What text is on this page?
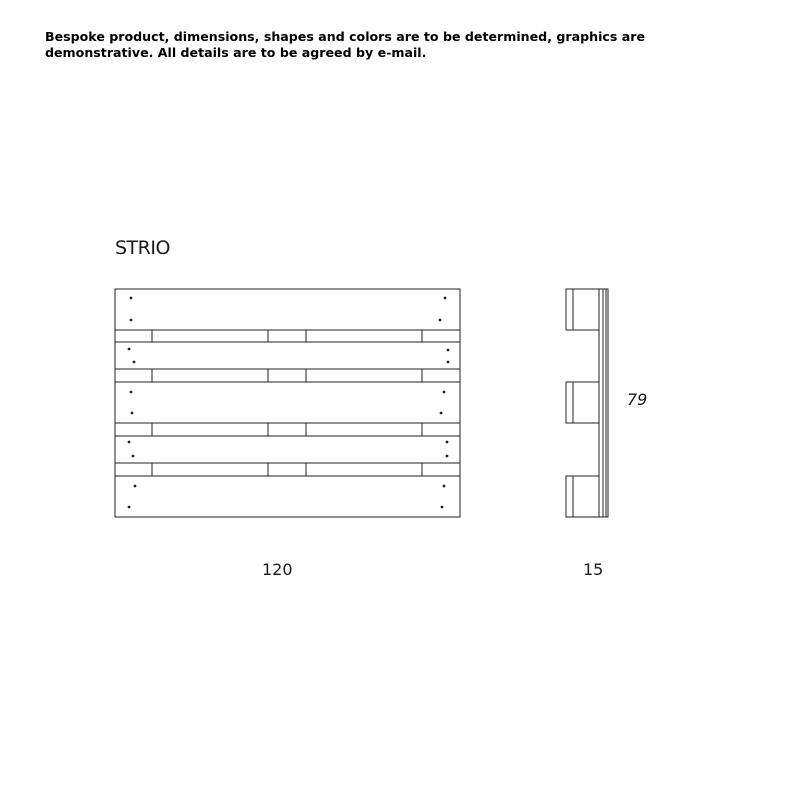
Bespoke product, dimensions, shapes and colors are to be determined, graphics are demonstrative. All details are to be agreed by e-mail.
STRIO
120	15
79
